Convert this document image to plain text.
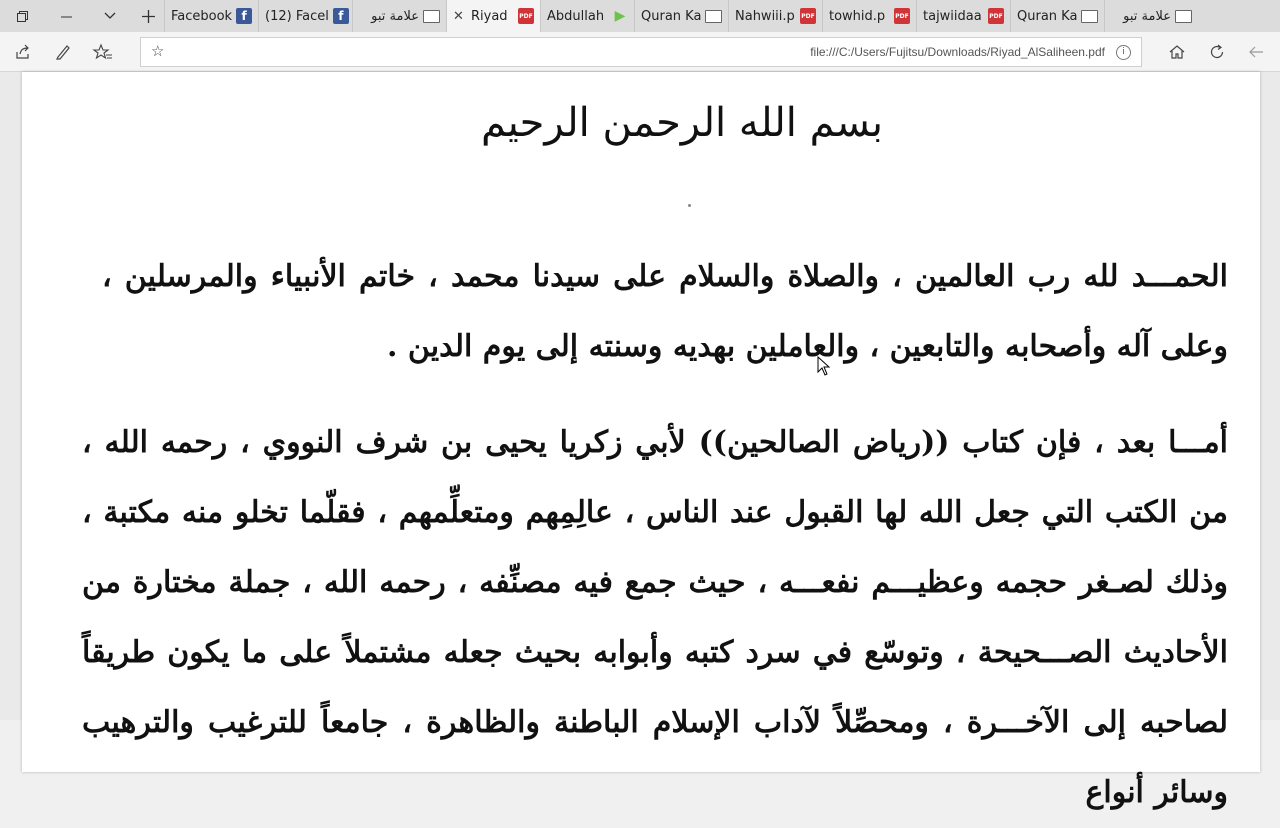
Facebook f	(12) Facel f	علامة تبو	✕ Riyad	PDF Abdullah ▶ Quran Ka	Nahwiii.p PDF towhid.p	PDF tajwiidaa	PDF Quran Ka	علامة تبو
☆	file:///C:/Users/Fujitsu/Downloads/Riyad_AlSaliheen.pdf	i
بسم الله الرحمن الرحيم
الحمـــد لله رب العالمين ، والصلاة والسلام على سيدنا محمد ، خاتم الأنبياء والمرسلين ، وعلى آله وأصحابه والتابعين ، والعاملين بهديه وسنته إلى يوم الدين .
أمـــا بعد ، فإن كتاب ((رياض الصالحين)) لأبي زكريا يحيى بن شرف النووي ، رحمه الله ، من الكتب التي جعل الله لها القبول عند الناس ، عالِمِهم ومتعلِّمهم ، فقلّما تخلو منه مكتبة ، وذلك لصـغر حجمه وعظيـــم نفعـــه ، حيث جمع فيه مصنِّفه ، رحمه الله ، جملة مختارة من الأحاديث الصـــحيحة ، وتوسّع في سرد كتبه وأبوابه بحيث جعله مشتملاً على ما يكون طريقاً لصاحبه إلى الآخـــرة ، ومحصِّلاً لآداب الإسلام الباطنة والظاهرة ، جامعاً للترغيب والترهيب وسائر أنواع
